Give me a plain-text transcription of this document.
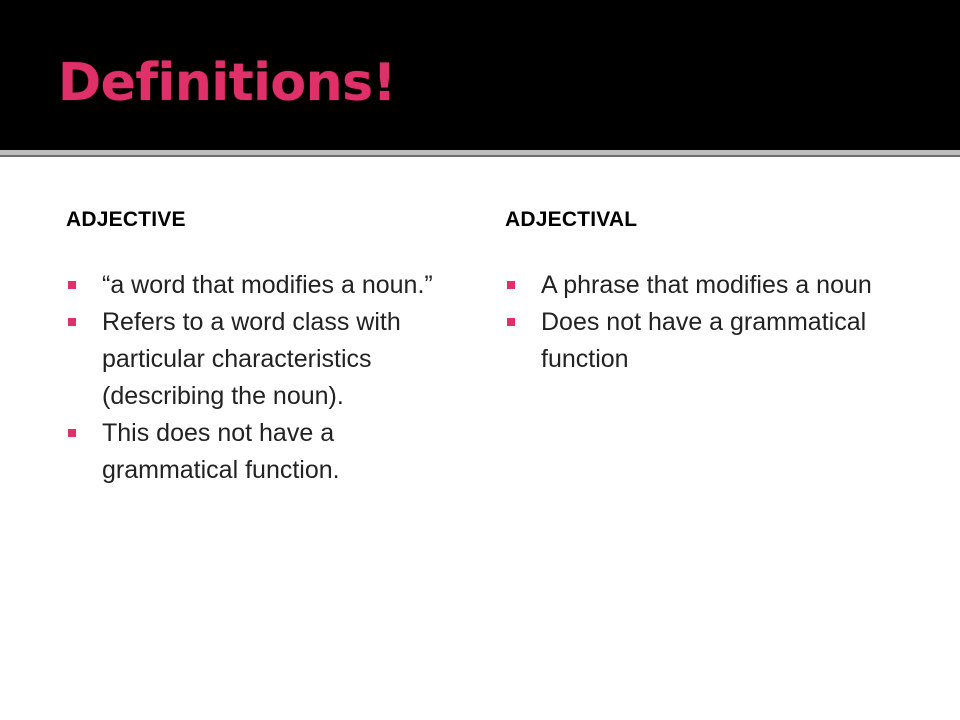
Definitions!
ADJECTIVE	ADJECTIVAL
“a word that modifies a noun.”
Refers to a word class with particular characteristics (describing the noun).
This does not have a grammatical function.
A phrase that modifies a noun
Does not have a grammatical function
